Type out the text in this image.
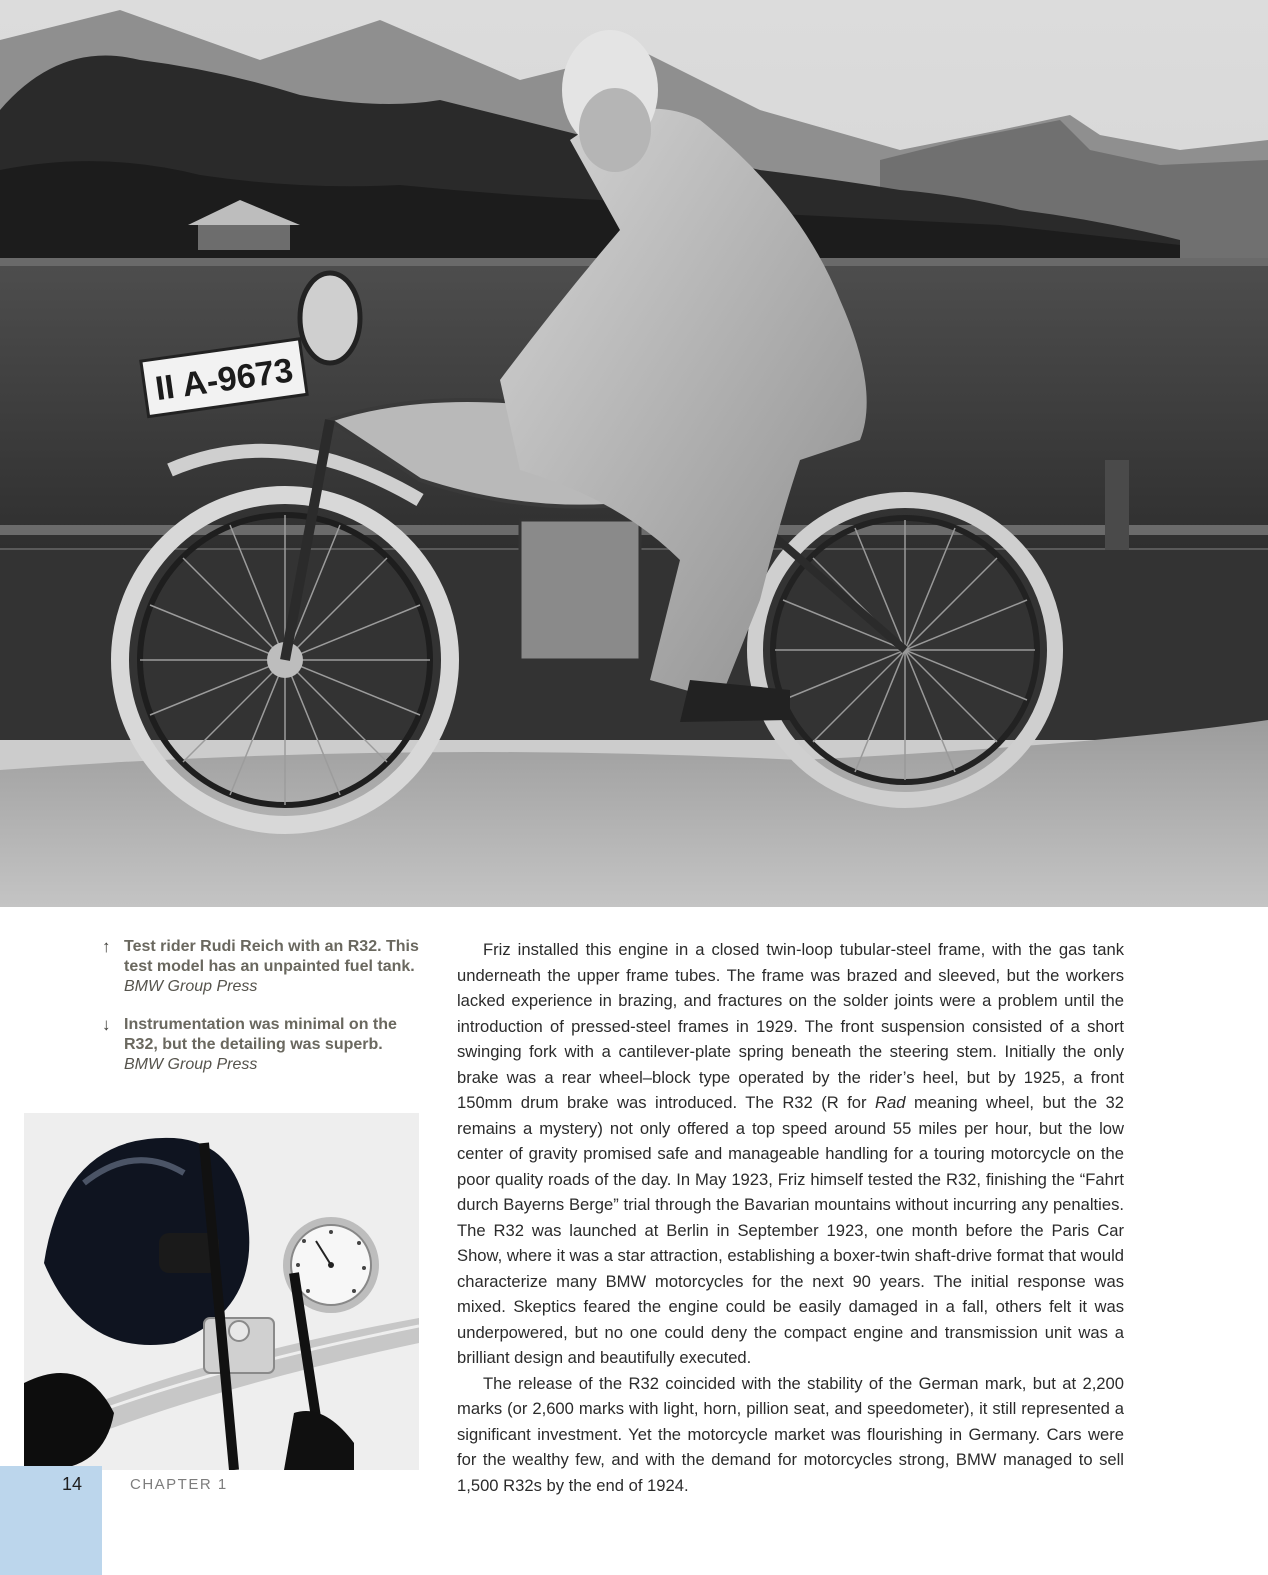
II A-9673
↑ Test rider Rudi Reich with an R32. This test model has an unpainted fuel tank.
BMW Group Press
↓ Instrumentation was minimal on the R32, but the detailing was superb.
BMW Group Press

Friz installed this engine in a closed twin-loop tubular-steel frame, with the gas tank underneath the upper frame tubes. The frame was brazed and sleeved, but the workers lacked experience in brazing, and fractures on the solder joints were a problem until the introduction of pressed-steel frames in 1929. The front suspension consisted of a short swinging fork with a cantilever-plate spring beneath the steering stem. Initially the only brake was a rear wheel–block type operated by the rider’s heel, but by 1925, a front 150mm drum brake was introduced. The R32 (R for Rad meaning wheel, but the 32 remains a mystery) not only offered a top speed around 55 miles per hour, but the low center of gravity promised safe and manageable handling for a touring motorcycle on the poor quality roads of the day. In May 1923, Friz himself tested the R32, finishing the “Fahrt durch Bayerns Berge” trial through the Bavarian mountains without incurring any penalties. The R32 was launched at Berlin in September 1923, one month before the Paris Car Show, where it was a star attraction, establishing a boxer-twin shaft-drive format that would characterize many BMW motorcycles for the next 90 years. The initial response was mixed. Skeptics feared the engine could be easily damaged in a fall, others felt it was underpowered, but no one could deny the compact engine and transmission unit was a brilliant design and beautifully executed.

The release of the R32 coincided with the stability of the German mark, but at 2,200 marks (or 2,600 marks with light, horn, pillion seat, and speedometer), it still represented a significant investment. Yet the motorcycle market was flourishing in Germany. Cars were for the wealthy few, and with the demand for motorcycles strong, BMW managed to sell 1,500 R32s by the end of 1924.

14	CHAPTER 1
